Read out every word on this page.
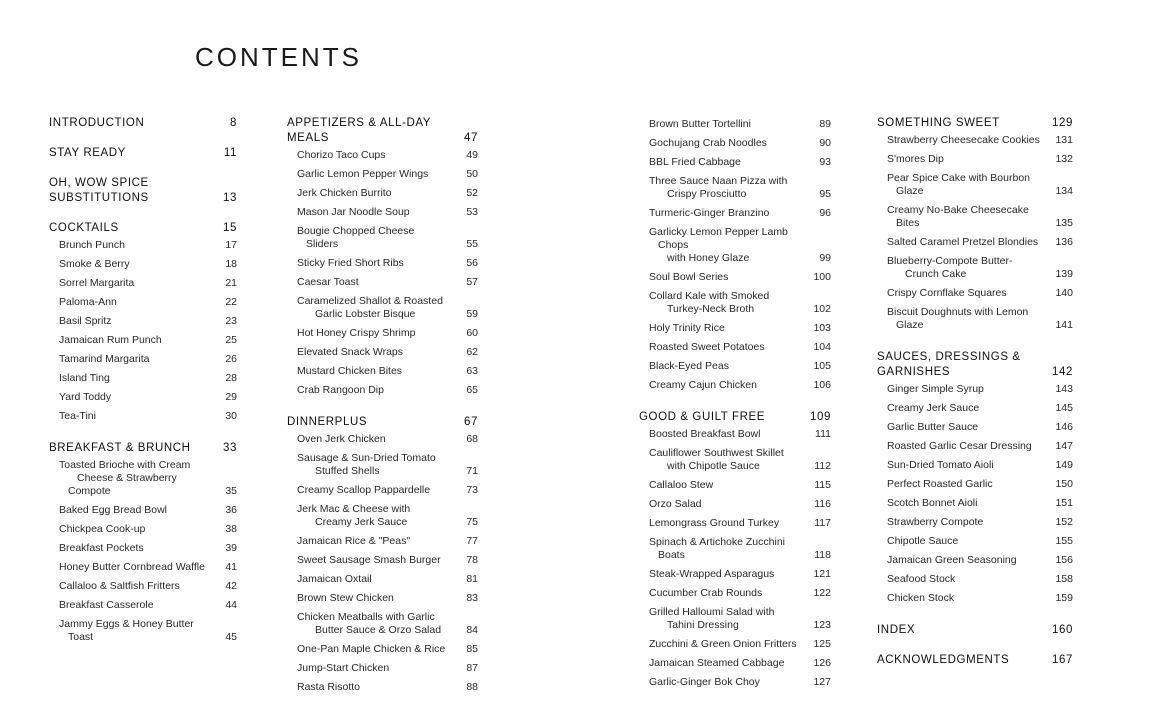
CONTENTS
INTRODUCTION	8
STAY READY	11
OH, WOW SPICE
SUBSTITUTIONS	13
COCKTAILS	15
Brunch Punch	17
Smoke & Berry	18
Sorrel Margarita	21
Paloma-Ann	22
Basil Spritz	23
Jamaican Rum Punch	25
Tamarind Margarita	26
Island Ting	28
Yard Toddy	29
Tea-Tini	30
BREAKFAST & BRUNCH	33
Toasted Brioche with Cream
Cheese & Strawberry Compote	35
Baked Egg Bread Bowl	36
Chickpea Cook-up	38
Breakfast Pockets	39
Honey Butter Cornbread Waffle	41
Callaloo & Saltfish Fritters	42
Breakfast Casserole	44
Jammy Eggs & Honey Butter Toast	45
APPETIZERS & ALL-DAY MEALS	47
Chorizo Taco Cups	49
Garlic Lemon Pepper Wings	50
Jerk Chicken Burrito	52
Mason Jar Noodle Soup	53
Bougie Chopped Cheese Sliders	55
Sticky Fried Short Ribs	56
Caesar Toast	57
Caramelized Shallot & Roasted
Garlic Lobster Bisque	59
Hot Honey Crispy Shrimp	60
Elevated Snack Wraps	62
Mustard Chicken Bites	63
Crab Rangoon Dip	65
DINNERPLUS	67
Oven Jerk Chicken	68
Sausage & Sun-Dried Tomato
Stuffed Shells	71
Creamy Scallop Pappardelle	73
Jerk Mac & Cheese with
Creamy Jerk Sauce	75
Jamaican Rice & "Peas"	77
Sweet Sausage Smash Burger	78
Jamaican Oxtail	81
Brown Stew Chicken	83
Chicken Meatballs with Garlic
Butter Sauce & Orzo Salad	84
One-Pan Maple Chicken & Rice	85
Jump-Start Chicken	87
Rasta Risotto	88
Brown Butter Tortellini	89
Gochujang Crab Noodles	90
BBL Fried Cabbage	93
Three Sauce Naan Pizza with
Crispy Prosciutto	95
Turmeric-Ginger Branzino	96
Garlicky Lemon Pepper Lamb Chops
with Honey Glaze	99
Soul Bowl Series	100
Collard Kale with Smoked
Turkey-Neck Broth	102
Holy Trinity Rice	103
Roasted Sweet Potatoes	104
Black-Eyed Peas	105
Creamy Cajun Chicken	106
GOOD & GUILT FREE	109
Boosted Breakfast Bowl	111
Cauliflower Southwest Skillet
with Chipotle Sauce	112
Callaloo Stew	115
Orzo Salad	116
Lemongrass Ground Turkey	117
Spinach & Artichoke Zucchini Boats	118
Steak-Wrapped Asparagus	121
Cucumber Crab Rounds	122
Grilled Halloumi Salad with
Tahini Dressing	123
Zucchini & Green Onion Fritters	125
Jamaican Steamed Cabbage	126
Garlic-Ginger Bok Choy	127
SOMETHING SWEET	129
Strawberry Cheesecake Cookies	131
S'mores Dip	132
Pear Spice Cake with Bourbon Glaze	134
Creamy No-Bake Cheesecake Bites	135
Salted Caramel Pretzel Blondies	136
Blueberry-Compote Butter-
Crunch Cake	139
Crispy Cornflake Squares	140
Biscuit Doughnuts with Lemon Glaze	141
SAUCES, DRESSINGS &
GARNISHES	142
Ginger Simple Syrup	143
Creamy Jerk Sauce	145
Garlic Butter Sauce	146
Roasted Garlic Cesar Dressing	147
Sun-Dried Tomato Aioli	149
Perfect Roasted Garlic	150
Scotch Bonnet Aioli	151
Strawberry Compote	152
Chipotle Sauce	155
Jamaican Green Seasoning	156
Seafood Stock	158
Chicken Stock	159
INDEX	160
ACKNOWLEDGMENTS	167
